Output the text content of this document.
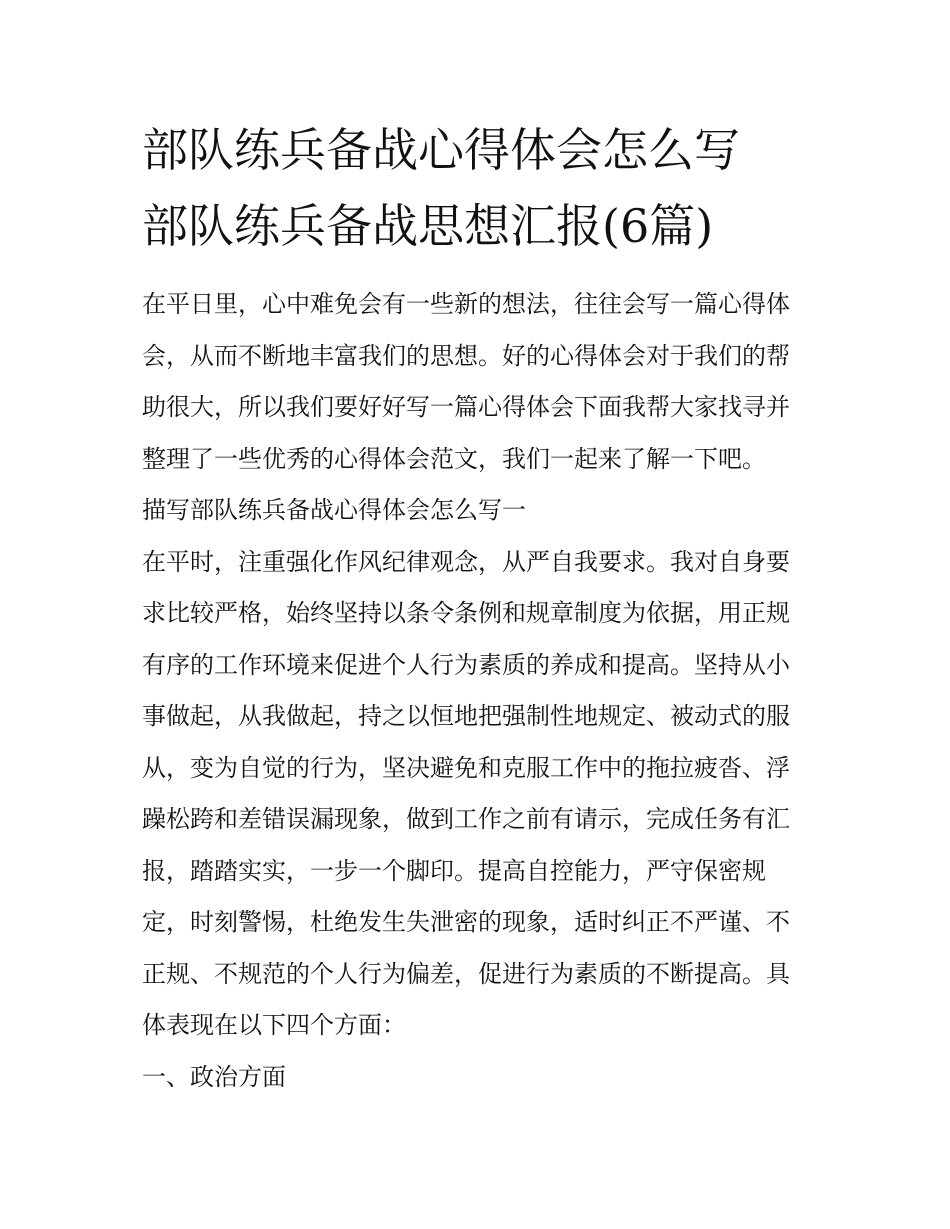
部队练兵备战心得体会怎么写
部队练兵备战思想汇报(6篇)
在平日里，心中难免会有一些新的想法，往往会写一篇心得体
会，从而不断地丰富我们的思想。好的心得体会对于我们的帮
助很大，所以我们要好好写一篇心得体会下面我帮大家找寻并
整理了一些优秀的心得体会范文，我们一起来了解一下吧。
描写部队练兵备战心得体会怎么写一
在平时，注重强化作风纪律观念，从严自我要求。我对自身要
求比较严格，始终坚持以条令条例和规章制度为依据，用正规
有序的工作环境来促进个人行为素质的养成和提高。坚持从小
事做起，从我做起，持之以恒地把强制性地规定、被动式的服
从，变为自觉的行为，坚决避免和克服工作中的拖拉疲沓、浮
躁松跨和差错误漏现象，做到工作之前有请示，完成任务有汇
报，踏踏实实，一步一个脚印。提高自控能力，严守保密规
定，时刻警惕，杜绝发生失泄密的现象，适时纠正不严谨、不
正规、不规范的个人行为偏差，促进行为素质的不断提高。具
体表现在以下四个方面：
一、政治方面
